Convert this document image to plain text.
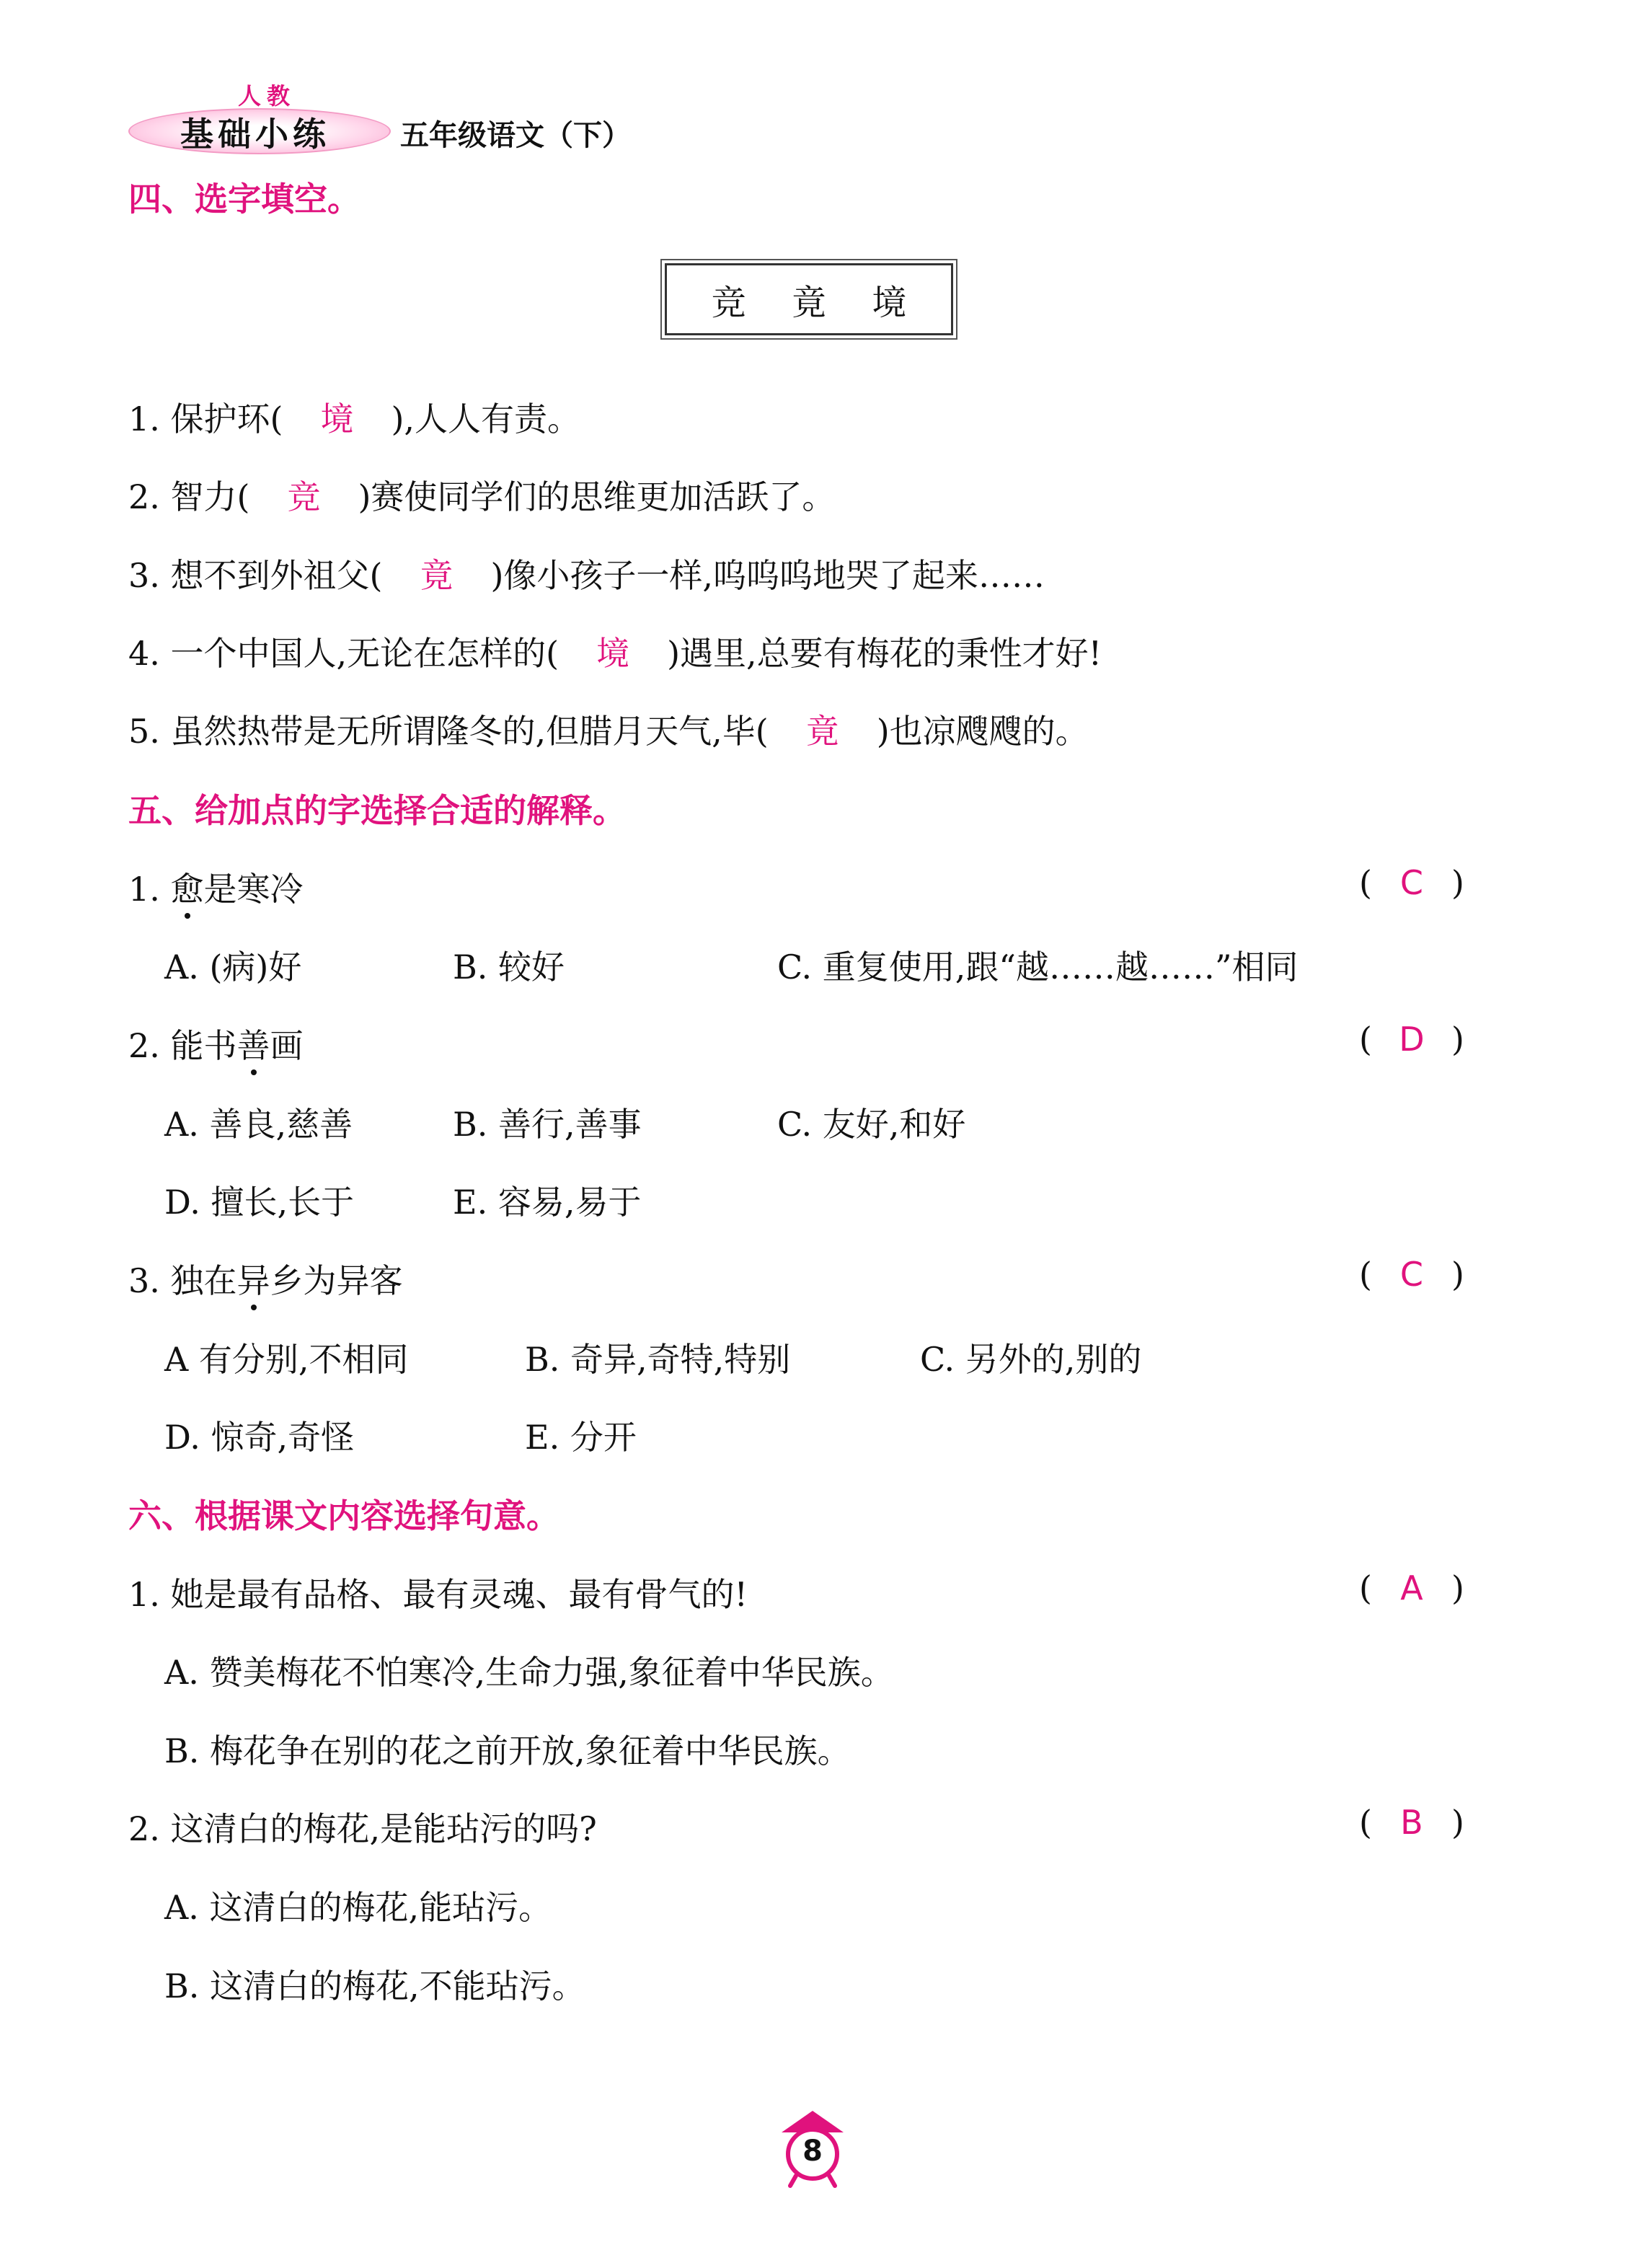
人教
基础小练 五年级语文（下）
四、选字填空。
竞 竟 境
1. 保护环( 境 ),人人有责。
2. 智力( 竞 )赛使同学们的思维更加活跃了。
3. 想不到外祖父( 竟 )像小孩子一样,呜呜呜地哭了起来……
4. 一个中国人,无论在怎样的( 境 )遇里,总要有梅花的秉性才好!
5. 虽然热带是无所谓隆冬的,但腊月天气,毕( 竟 )也凉飕飕的。
五、给加点的字选择合适的解释。
1. 愈是寒冷	( C )
A. (病)好	B. 较好	C. 重复使用,跟“越……越……”相同
2. 能书善画	( D )
A. 善良,慈善	B. 善行,善事	C. 友好,和好
D. 擅长,长于	E. 容易,易于
3. 独在异乡为异客	( C )
A 有分别,不相同	B. 奇异,奇特,特别	C. 另外的,别的
D. 惊奇,奇怪	E. 分开
六、根据课文内容选择句意。
1. 她是最有品格、最有灵魂、最有骨气的!	( A )
A. 赞美梅花不怕寒冷,生命力强,象征着中华民族。
B. 梅花争在别的花之前开放,象征着中华民族。
2. 这清白的梅花,是能玷污的吗?	( B )
A. 这清白的梅花,能玷污。
B. 这清白的梅花,不能玷污。
8
